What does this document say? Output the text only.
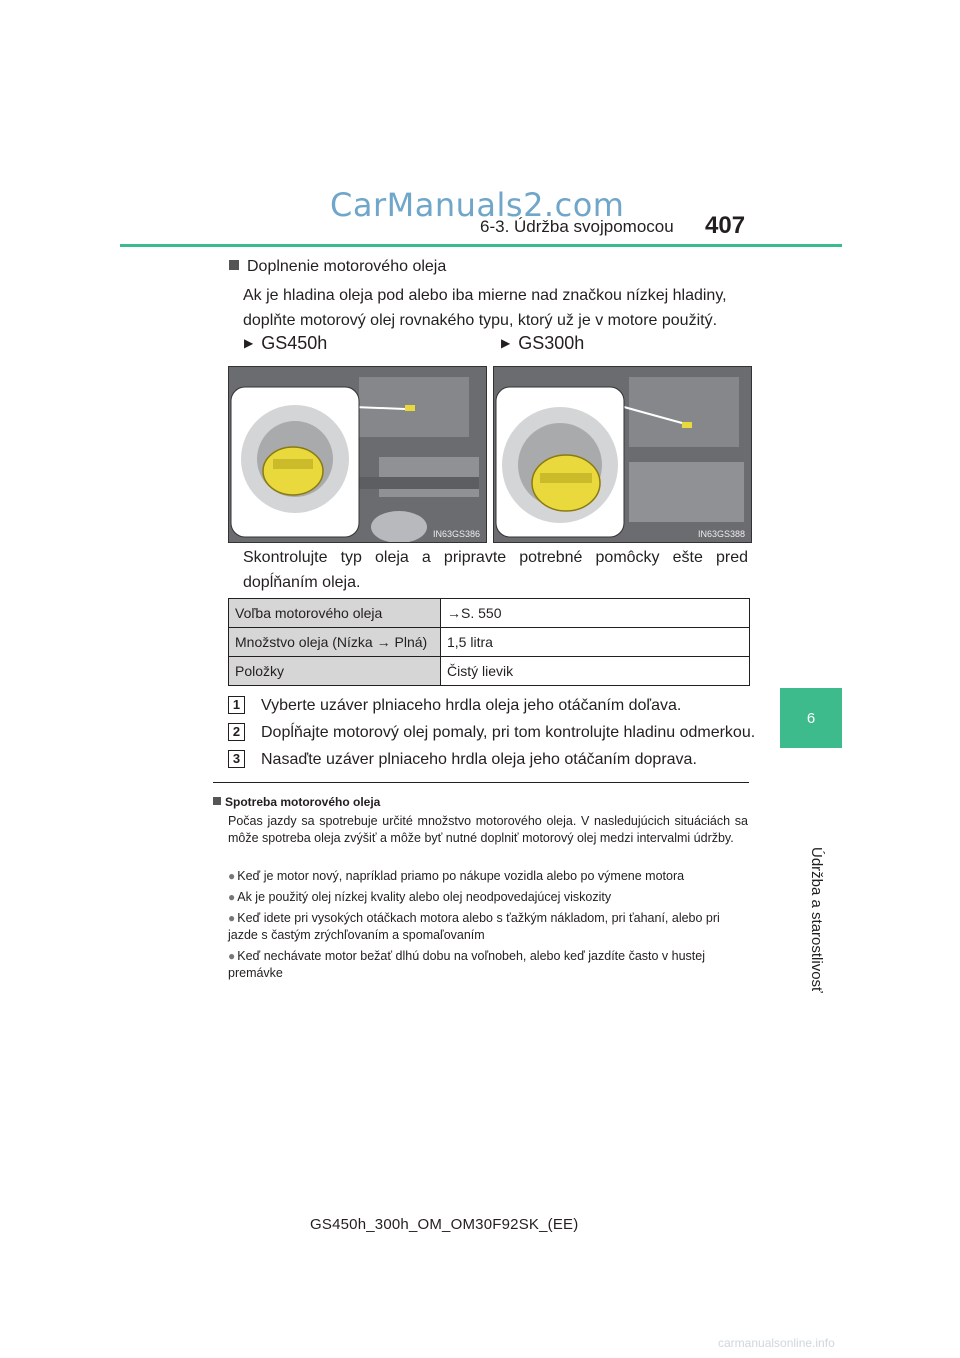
CarManuals2.com
6-3. Údržba svojpomocou 407
6
Údržba a starostlivosť
Doplnenie motorového oleja
Ak je hladina oleja pod alebo iba mierne nad značkou nízkej hladiny, doplňte motorový olej rovnakého typu, ktorý už je v motore použitý.
▶ GS450h	▶ GS300h
IN63GS386	IN63GS388
Skontrolujte typ oleja a pripravte potrebné pomôcky ešte pred dopĺňaním oleja.
Voľba motorového oleja	→S. 550
Množstvo oleja (Nízka → Plná)	1,5 litra
Položky	Čistý lievik
1 Vyberte uzáver plniaceho hrdla oleja jeho otáčaním doľava.
2 Dopĺňajte motorový olej pomaly, pri tom kontrolujte hladinu odmerkou.
3 Nasaďte uzáver plniaceho hrdla oleja jeho otáčaním doprava.
Spotreba motorového oleja
Počas jazdy sa spotrebuje určité množstvo motorového oleja. V nasledujúcich situáciách sa môže spotreba oleja zvýšiť a môže byť nutné doplniť motorový olej medzi intervalmi údržby.
● Keď je motor nový, napríklad priamo po nákupe vozidla alebo po výmene motora
● Ak je použitý olej nízkej kvality alebo olej neodpovedajúcej viskozity
● Keď idete pri vysokých otáčkach motora alebo s ťažkým nákladom, pri ťahaní, alebo pri jazde s častým zrýchľovaním a spomaľovaním
● Keď nechávate motor bežať dlhú dobu na voľnobeh, alebo keď jazdíte často v hustej premávke
GS450h_300h_OM_OM30F92SK_(EE)
carmanualsonline.info
